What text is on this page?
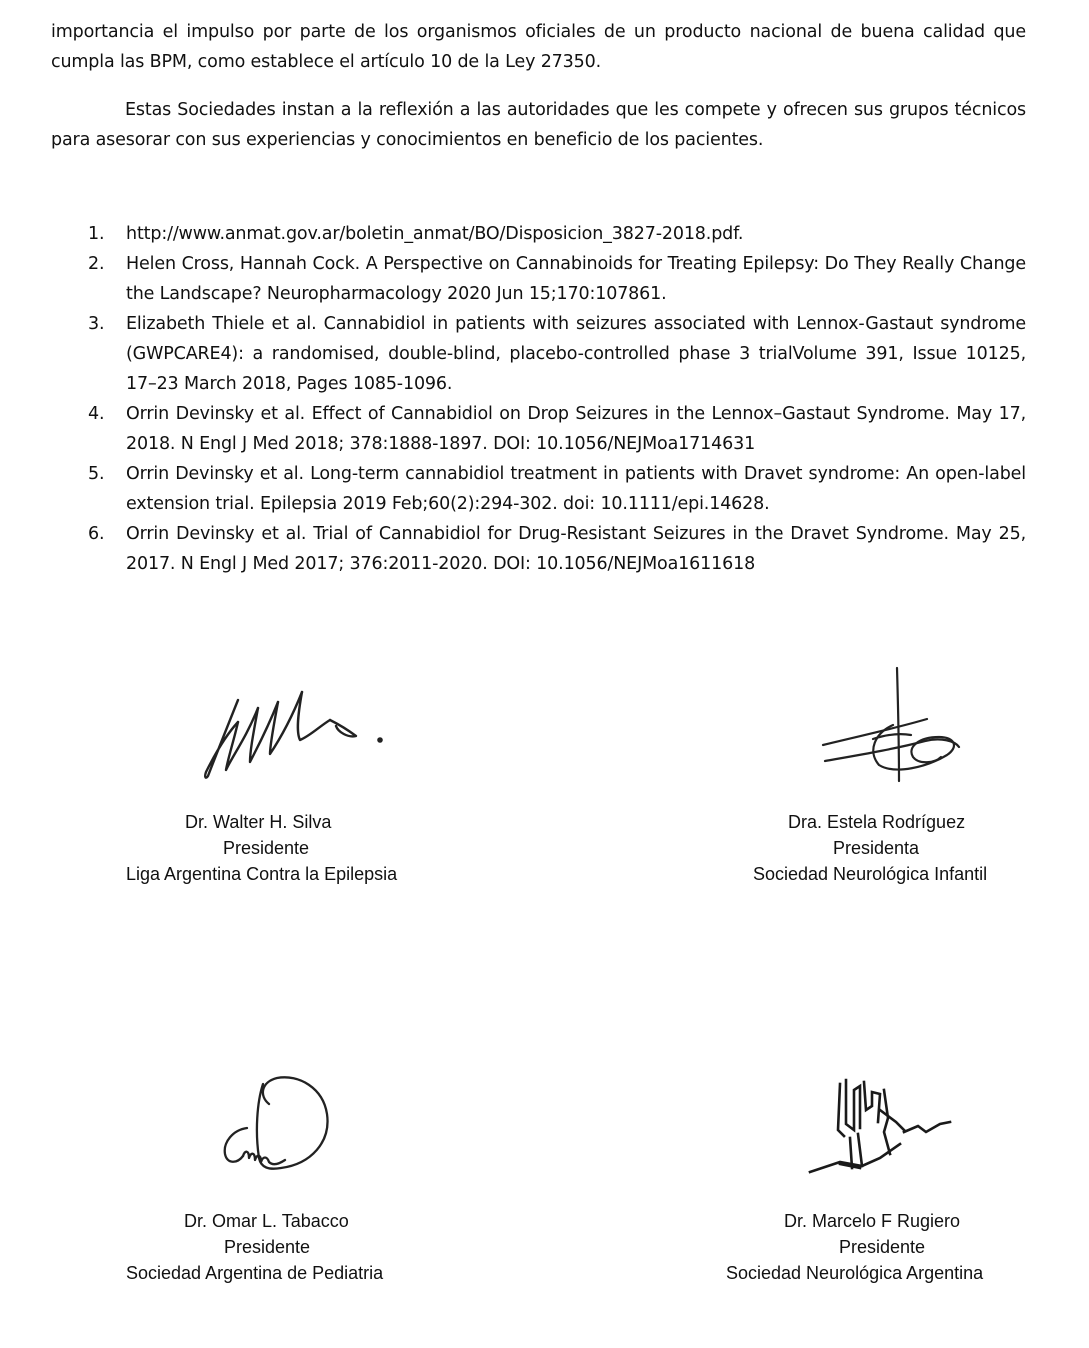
importancia el impulso por parte de los organismos oficiales de un producto nacional de buena calidad que cumpla las BPM, como establece el artículo 10 de la Ley 27350.

Estas Sociedades instan a la reflexión a las autoridades que les compete y ofrecen sus grupos técnicos para asesorar con sus experiencias y conocimientos en beneficio de los pacientes.

1. http://www.anmat.gov.ar/boletin_anmat/BO/Disposicion_3827-2018.pdf.
2. Helen Cross, Hannah Cock. A Perspective on Cannabinoids for Treating Epilepsy: Do They Really Change the Landscape? Neuropharmacology 2020 Jun 15;170:107861.
3. Elizabeth Thiele et al. Cannabidiol in patients with seizures associated with Lennox-Gastaut syndrome (GWPCARE4): a randomised, double-blind, placebo-controlled phase 3 trialVolume 391, Issue 10125, 17–23 March 2018, Pages 1085-1096.
4. Orrin Devinsky et al. Effect of Cannabidiol on Drop Seizures in the Lennox–Gastaut Syndrome. May 17, 2018. N Engl J Med 2018; 378:1888-1897. DOI: 10.1056/NEJMoa1714631
5. Orrin Devinsky et al. Long-term cannabidiol treatment in patients with Dravet syndrome: An open-label extension trial. Epilepsia 2019 Feb;60(2):294-302. doi: 10.1111/epi.14628.
6. Orrin Devinsky et al. Trial of Cannabidiol for Drug-Resistant Seizures in the Dravet Syndrome. May 25, 2017. N Engl J Med 2017; 376:2011-2020. DOI: 10.1056/NEJMoa1611618
Dr. Walter H. Silva
Presidente
Liga Argentina Contra la Epilepsia
Dra. Estela Rodríguez
Presidenta
Sociedad Neurológica Infantil
Dr. Omar L. Tabacco
Presidente
Sociedad Argentina de Pediatria
Dr. Marcelo F Rugiero
Presidente
Sociedad Neurológica Argentina
